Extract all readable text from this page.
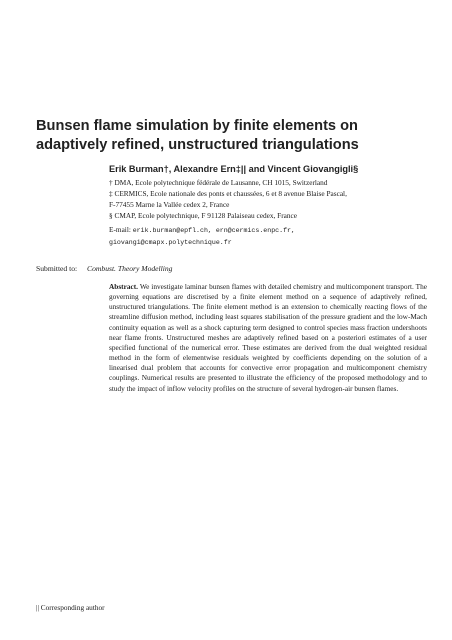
Bunsen flame simulation by finite elements on adaptively refined, unstructured triangulations
Erik Burman†, Alexandre Ern‡|| and Vincent Giovangigli§
† DMA, Ecole polytechnique fédérale de Lausanne, CH 1015, Switzerland
‡ CERMICS, Ecole nationale des ponts et chaussées, 6 et 8 avenue Blaise Pascal,
F-77455 Marne la Vallée cedex 2, France
§ CMAP, Ecole polytechnique, F 91128 Palaiseau cedex, France
E-mail: erik.burman@epfl.ch, ern@cermics.enpc.fr,
giovangi@cmapx.polytechnique.fr
Submitted to: Combust. Theory Modelling
Abstract. We investigate laminar bunsen flames with detailed chemistry and multicomponent transport. The governing equations are discretised by a finite element method on a sequence of adaptively refined, unstructured triangulations. The finite element method is an extension to chemically reacting flows of the streamline diffusion method, including least squares stabilisation of the pressure gradient and the low-Mach continuity equation as well as a shock capturing term designed to control species mass fraction undershoots near flame fronts. Unstructured meshes are adaptively refined based on a posteriori estimates of a user specified functional of the numerical error. These estimates are derived from the dual weighted residual method in the form of elementwise residuals weighted by coefficients depending on the solution of a linearised dual problem that accounts for convective error propagation and multicomponent chemistry couplings. Numerical results are presented to illustrate the efficiency of the proposed methodology and to study the impact of inflow velocity profiles on the structure of several hydrogen-air bunsen flames.
|| Corresponding author
